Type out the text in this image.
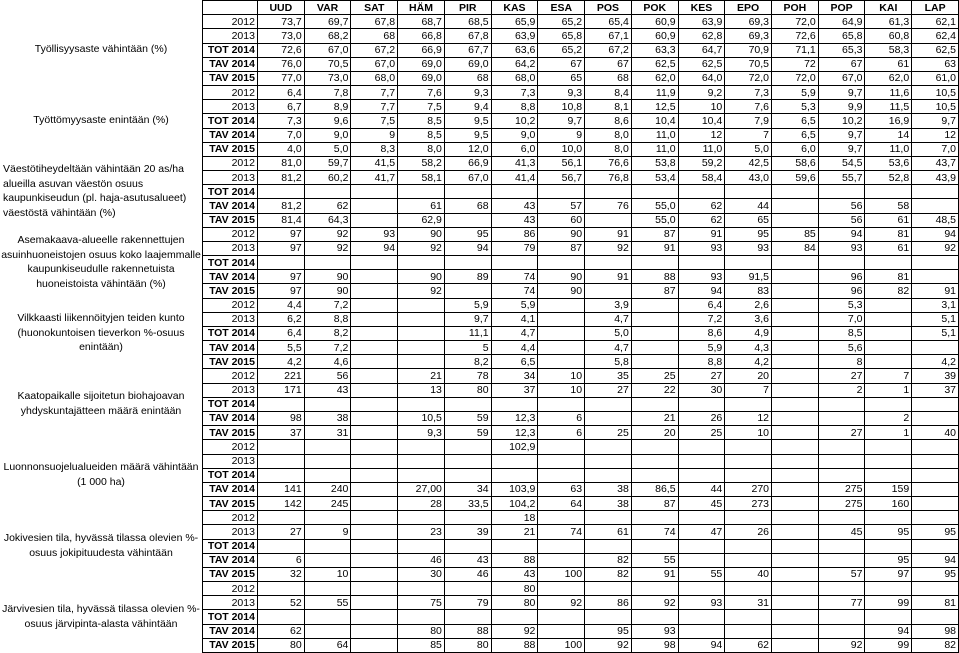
Työllisyysaste vähintään (%)
Työttömyysaste enintään (%)
Väestötiheydeltään vähintään 20 as/ha alueilla asuvan väestön osuus kaupunkiseudun (pl. haja-asutusalueet) väestöstä vähintään (%)
Asemakaava-alueelle rakennettujen asuinhuoneistojen osuus koko laajemmalle kaupunkiseudulle rakennetuista huoneistoista vähintään (%)
Vilkkaasti liikennöityjen teiden kunto (huonokuntoisen tieverkon %-osuus enintään)
Kaatopaikalle sijoitetun biohajoavan yhdyskuntajätteen määrä enintään
Luonnonsuojelualueiden määrä vähintään (1 000 ha)
Jokivesien tila, hyvässä tilassa olevien %-osuus jokipituudesta vähintään
Järvivesien tila, hyvässä tilassa olevien %-osuus järvipinta-alasta vähintään
	UUD	VAR	SAT	HÄM	PIR	KAS	ESA	POS	POK	KES	EPO	POH	POP	KAI	LAP
2012	73,7	69,7	67,8	68,7	68,5	65,9	65,2	65,4	60,9	63,9	69,3	72,0	64,9	61,3	62,1
2013	73,0	68,2	68	66,8	67,8	63,9	65,8	67,1	60,9	62,8	69,3	72,6	65,8	60,8	62,4
TOT 2014	72,6	67,0	67,2	66,9	67,7	63,6	65,2	67,2	63,3	64,7	70,9	71,1	65,3	58,3	62,5
TAV 2014	76,0	70,5	67,0	69,0	69,0	64,2	67	67	62,5	62,5	70,5	72	67	61	63
TAV 2015	77,0	73,0	68,0	69,0	68	68,0	65	68	62,0	64,0	72,0	72,0	67,0	62,0	61,0
2012	6,4	7,8	7,7	7,6	9,3	7,3	9,3	8,4	11,9	9,2	7,3	5,9	9,7	11,6	10,5
2013	6,7	8,9	7,7	7,5	9,4	8,8	10,8	8,1	12,5	10	7,6	5,3	9,9	11,5	10,5
TOT 2014	7,3	9,6	7,5	8,5	9,5	10,2	9,7	8,6	10,4	10,4	7,9	6,5	10,2	16,9	9,7
TAV 2014	7,0	9,0	9	8,5	9,5	9,0	9	8,0	11,0	12	7	6,5	9,7	14	12
TAV 2015	4,0	5,0	8,3	8,0	12,0	6,0	10,0	8,0	11,0	11,0	5,0	6,0	9,7	11,0	7,0
2012	81,0	59,7	41,5	58,2	66,9	41,3	56,1	76,6	53,8	59,2	42,5	58,6	54,5	53,6	43,7
2013	81,2	60,2	41,7	58,1	67,0	41,4	56,7	76,8	53,4	58,4	43,0	59,6	55,7	52,8	43,9
TOT 2014															
TAV 2014	81,2	62		61	68	43	57	76	55,0	62	44		56	58	
TAV 2015	81,4	64,3		62,9		43	60		55,0	62	65		56	61	48,5
2012	97	92	93	90	95	86	90	91	87	91	95	85	94	81	94
2013	97	92	94	92	94	79	87	92	91	93	93	84	93	61	92
TOT 2014															
TAV 2014	97	90		90	89	74	90	91	88	93	91,5		96	81	
TAV 2015	97	90		92		74	90		87	94	83		96	82	91
2012	4,4	7,2			5,9	5,9		3,9		6,4	2,6		5,3		3,1
2013	6,2	8,8			9,7	4,1		4,7		7,2	3,6		7,0		5,1
TOT 2014	6,4	8,2			11,1	4,7		5,0		8,6	4,9		8,5		5,1
TAV 2014	5,5	7,2			5	4,4		4,7		5,9	4,3		5,6		
TAV 2015	4,2	4,6			8,2	6,5		5,8		8,8	4,2		8		4,2
2012	221	56		21	78	34	10	35	25	27	20		27	7	39
2013	171	43		13	80	37	10	27	22	30	7		2	1	37
TOT 2014															
TAV 2014	98	38		10,5	59	12,3	6		21	26	12			2	
TAV 2015	37	31		9,3	59	12,3	6	25	20	25	10		27	1	40
2012						102,9									
2013															
TOT 2014															
TAV 2014	141	240		27,00	34	103,9	63	38	86,5	44	270		275	159	
TAV 2015	142	245		28	33,5	104,2	64	38	87	45	273		275	160	
2012						18									
2013	27	9		23	39	21	74	61	74	47	26		45	95	95
TOT 2014															
TAV 2014	6			46	43	88		82	55					95	94
TAV 2015	32	10		30	46	43	100	82	91	55	40		57	97	95
2012						80									
2013	52	55		75	79	80	92	86	92	93	31		77	99	81
TOT 2014															
TAV 2014	62			80	88	92		95	93					94	98
TAV 2015	80	64		85	80	88	100	92	98	94	62		92	99	82
